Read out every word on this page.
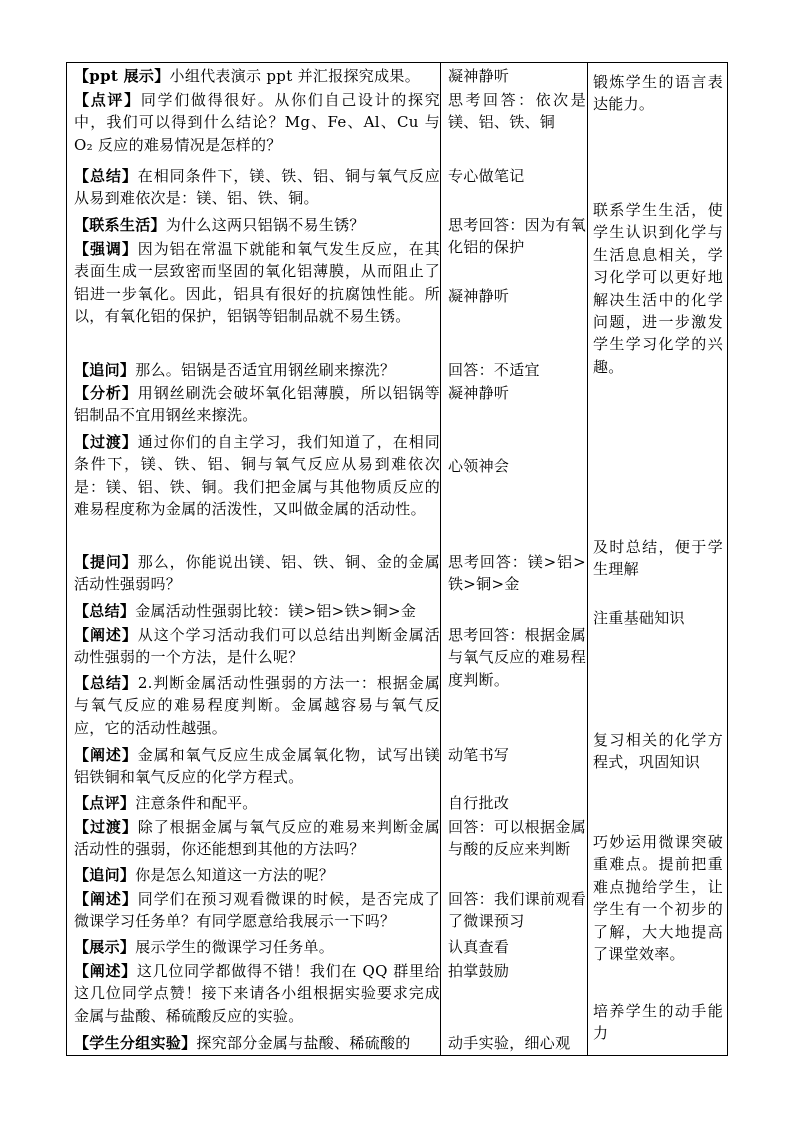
【ppt 展示】小组代表演示 ppt 并汇报探究成果。
【点评】同学们做得很好。从你们自己设计的探究中，我们可以得到什么结论？Mg、Fe、Al、Cu 与 O₂ 反应的难易情况是怎样的？
【总结】在相同条件下，镁、铁、铝、铜与氧气反应从易到难依次是：镁、铝、铁、铜。
【联系生活】为什么这两只铝锅不易生锈？
【强调】因为铝在常温下就能和氧气发生反应，在其表面生成一层致密而坚固的氧化铝薄膜，从而阻止了铝进一步氧化。因此，铝具有很好的抗腐蚀性能。所以，有氧化铝的保护，铝锅等铝制品就不易生锈。
【追问】那么。铝锅是否适宜用钢丝刷来擦洗？
【分析】用钢丝刷洗会破坏氧化铝薄膜，所以铝锅等铝制品不宜用钢丝来擦洗。
【过渡】通过你们的自主学习，我们知道了，在相同条件下，镁、铁、铝、铜与氧气反应从易到难依次是：镁、铝、铁、铜。我们把金属与其他物质反应的难易程度称为金属的活泼性，又叫做金属的活动性。
【提问】那么，你能说出镁、铝、铁、铜、金的金属活动性强弱吗？
【总结】金属活动性强弱比较：镁>铝>铁>铜>金
【阐述】从这个学习活动我们可以总结出判断金属活动性强弱的一个方法，是什么呢？
【总结】2.判断金属活动性强弱的方法一：根据金属与氧气反应的难易程度判断。金属越容易与氧气反应，它的活动性越强。
【阐述】金属和氧气反应生成金属氧化物，试写出镁铝铁铜和氧气反应的化学方程式。
【点评】注意条件和配平。
【过渡】除了根据金属与氧气反应的难易来判断金属活动性的强弱，你还能想到其他的方法吗？
【追问】你是怎么知道这一方法的呢？
【阐述】同学们在预习观看微课的时候，是否完成了微课学习任务单？有同学愿意给我展示一下吗？
【展示】展示学生的微课学习任务单。
【阐述】这几位同学都做得不错！我们在 QQ 群里给这几位同学点赞！接下来请各小组根据实验要求完成金属与盐酸、稀硫酸反应的实验。
【学生分组实验】探究部分金属与盐酸、稀硫酸的
凝神静听
思考回答：依次是镁、铝、铁、铜
专心做笔记
思考回答：因为有氧化铝的保护
凝神静听
回答：不适宜
凝神静听
心领神会
思考回答：镁>铝>铁>铜>金
思考回答：根据金属与氧气反应的难易程度判断。
动笔书写
自行批改
回答：可以根据金属与酸的反应来判断
回答：我们课前观看了微课预习
认真查看
拍掌鼓励
动手实验，细心观
锻炼学生的语言表达能力。
联系学生生活，使学生认识到化学与生活息息相关，学习化学可以更好地解决生活中的化学问题，进一步激发学生学习化学的兴趣。
及时总结，便于学生理解
注重基础知识
复习相关的化学方程式，巩固知识
巧妙运用微课突破重难点。提前把重难点抛给学生，让学生有一个初步的了解，大大地提高了课堂效率。
培养学生的动手能力
